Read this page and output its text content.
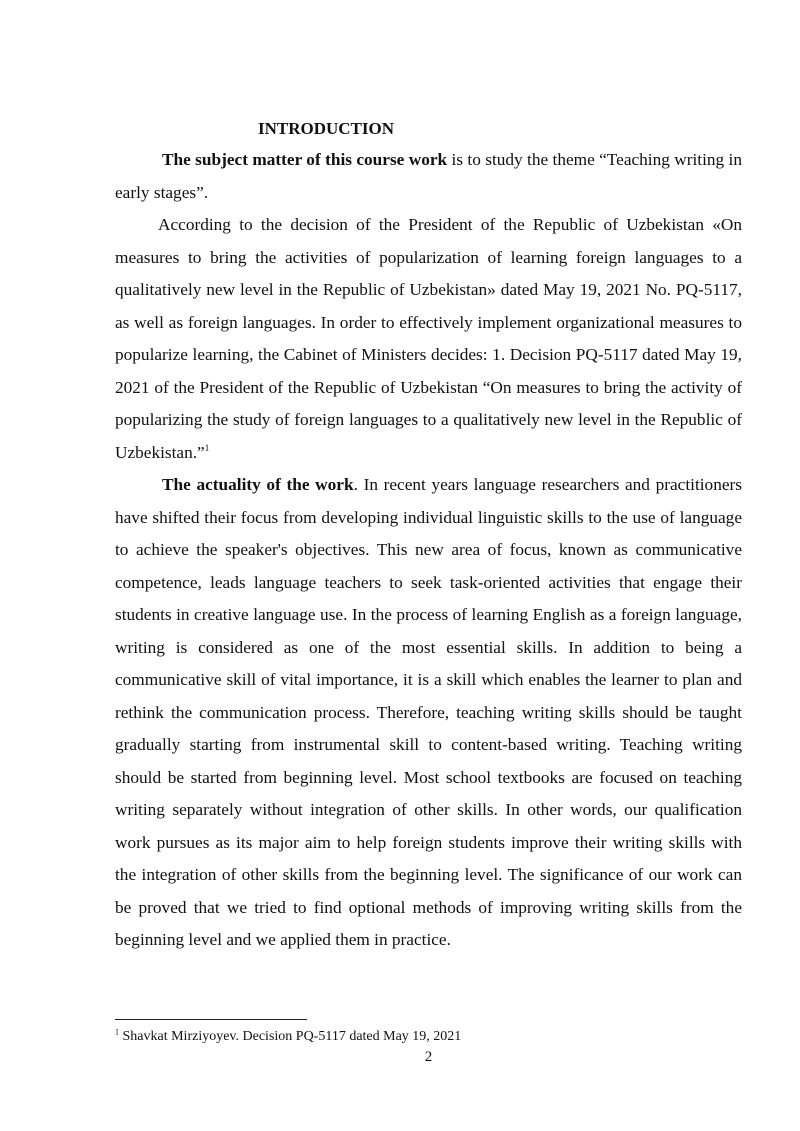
INTRODUCTION

The subject matter of this course work is to study the theme “Teaching writing in early stages”.

According to the decision of the President of the Republic of Uzbekistan «On measures to bring the activities of popularization of learning foreign languages to a qualitatively new level in the Republic of Uzbekistan» dated May 19, 2021 No. PQ-5117, as well as foreign languages. In order to effectively implement organizational measures to popularize learning, the Cabinet of Ministers decides: 1. Decision PQ-5117 dated May 19, 2021 of the President of the Republic of Uzbekistan “On measures to bring the activity of popularizing the study of foreign languages to a qualitatively new level in the Republic of Uzbekistan.”$^1$

The actuality of the work. In recent years language researchers and practitioners have shifted their focus from developing individual linguistic skills to the use of language to achieve the speaker's objectives. This new area of focus, known as communicative competence, leads language teachers to seek task-oriented activities that engage their students in creative language use. In the process of learning English as a foreign language, writing is considered as one of the most essential skills. In addition to being a communicative skill of vital importance, it is a skill which enables the learner to plan and rethink the communication process. Therefore, teaching writing skills should be taught gradually starting from instrumental skill to content-based writing. Teaching writing should be started from beginning level. Most school textbooks are focused on teaching writing separately without integration of other skills. In other words, our qualification work pursues as its major aim to help foreign students improve their writing skills with the integration of other skills from the beginning level. The significance of our work can be proved that we tried to find optional methods of improving writing skills from the beginning level and we applied them in practice.

$^1$ Shavkat Mirziyoyev. Decision PQ-5117 dated May 19, 2021

2
